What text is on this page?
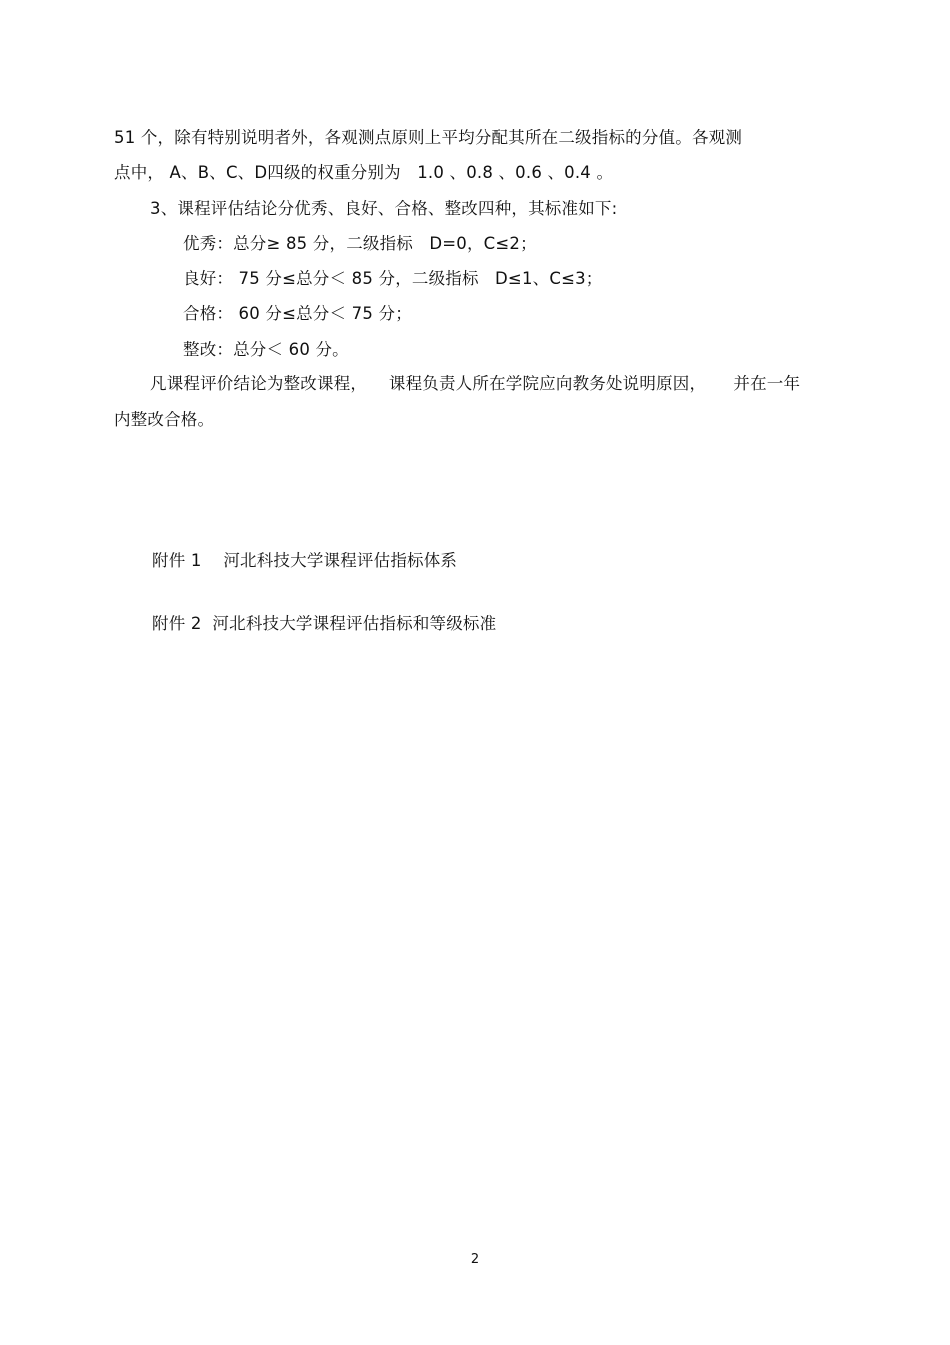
51 个，除有特别说明者外，各观测点原则上平均分配其所在二级指标的分值。各观测
点中， A、B、C、D四级的权重分别为   1.0 、0.8 、0.6 、0.4 。
3、课程评估结论分优秀、良好、合格、整改四种，其标准如下:
优秀：总分≥ 85 分，二级指标   D=0，C≤2；
良好： 75 分≤总分＜ 85 分，二级指标   D≤1、C≤3；
合格： 60 分≤总分＜ 75 分；
整改：总分＜ 60 分。
凡课程评价结论为整改课程，    课程负责人所在学院应向教务处说明原因，     并在一年
内整改合格。
附件 1    河北科技大学课程评估指标体系
附件 2  河北科技大学课程评估指标和等级标准
2
